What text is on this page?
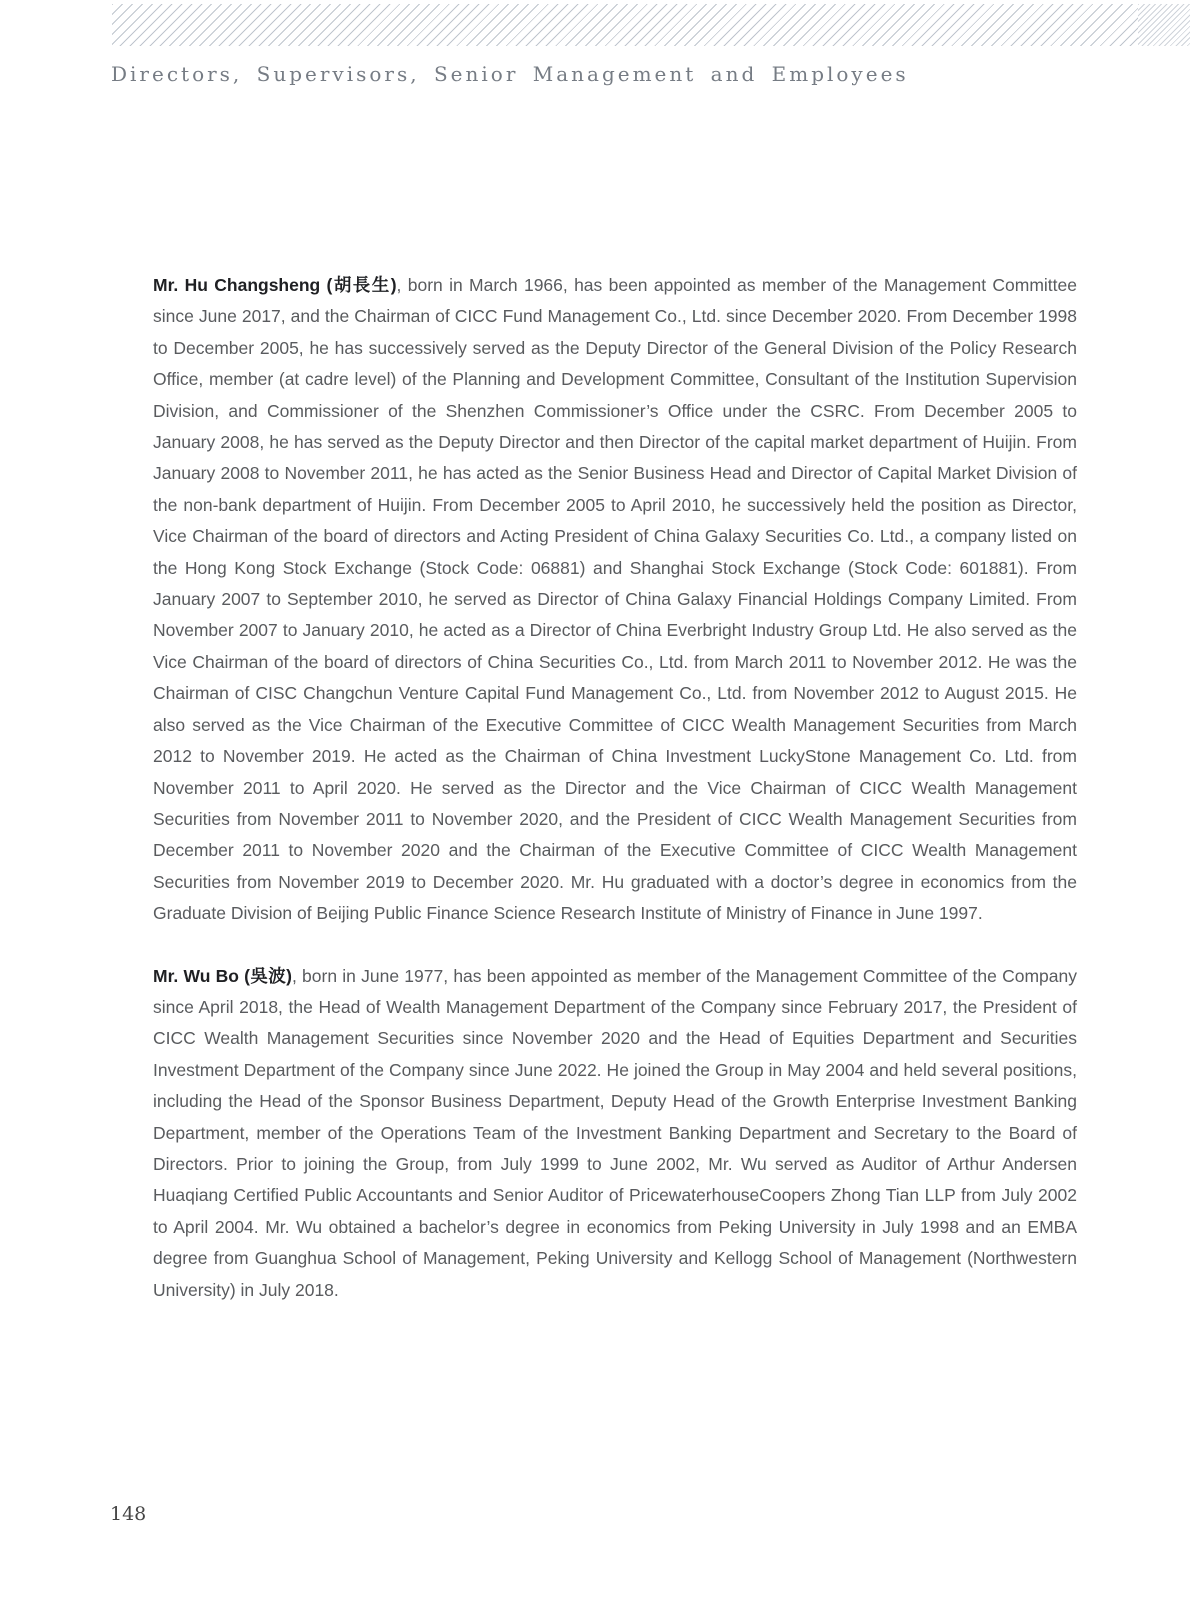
Directors, Supervisors, Senior Management and Employees

Mr. Hu Changsheng (胡長生), born in March 1966, has been appointed as member of the Management Committee since June 2017, and the Chairman of CICC Fund Management Co., Ltd. since December 2020. From December 1998 to December 2005, he has successively served as the Deputy Director of the General Division of the Policy Research Office, member (at cadre level) of the Planning and Development Committee, Consultant of the Institution Supervision Division, and Commissioner of the Shenzhen Commissioner’s Office under the CSRC. From December 2005 to January 2008, he has served as the Deputy Director and then Director of the capital market department of Huijin. From January 2008 to November 2011, he has acted as the Senior Business Head and Director of Capital Market Division of the non-bank department of Huijin. From December 2005 to April 2010, he successively held the position as Director, Vice Chairman of the board of directors and Acting President of China Galaxy Securities Co. Ltd., a company listed on the Hong Kong Stock Exchange (Stock Code: 06881) and Shanghai Stock Exchange (Stock Code: 601881). From January 2007 to September 2010, he served as Director of China Galaxy Financial Holdings Company Limited. From November 2007 to January 2010, he acted as a Director of China Everbright Industry Group Ltd. He also served as the Vice Chairman of the board of directors of China Securities Co., Ltd. from March 2011 to November 2012. He was the Chairman of CISC Changchun Venture Capital Fund Management Co., Ltd. from November 2012 to August 2015. He also served as the Vice Chairman of the Executive Committee of CICC Wealth Management Securities from March 2012 to November 2019. He acted as the Chairman of China Investment LuckyStone Management Co. Ltd. from November 2011 to April 2020. He served as the Director and the Vice Chairman of CICC Wealth Management Securities from November 2011 to November 2020, and the President of CICC Wealth Management Securities from December 2011 to November 2020 and the Chairman of the Executive Committee of CICC Wealth Management Securities from November 2019 to December 2020. Mr. Hu graduated with a doctor’s degree in economics from the Graduate Division of Beijing Public Finance Science Research Institute of Ministry of Finance in June 1997.

Mr. Wu Bo (吳波), born in June 1977, has been appointed as member of the Management Committee of the Company since April 2018, the Head of Wealth Management Department of the Company since February 2017, the President of CICC Wealth Management Securities since November 2020 and the Head of Equities Department and Securities Investment Department of the Company since June 2022. He joined the Group in May 2004 and held several positions, including the Head of the Sponsor Business Department, Deputy Head of the Growth Enterprise Investment Banking Department, member of the Operations Team of the Investment Banking Department and Secretary to the Board of Directors. Prior to joining the Group, from July 1999 to June 2002, Mr. Wu served as Auditor of Arthur Andersen Huaqiang Certified Public Accountants and Senior Auditor of PricewaterhouseCoopers Zhong Tian LLP from July 2002 to April 2004. Mr. Wu obtained a bachelor’s degree in economics from Peking University in July 1998 and an EMBA degree from Guanghua School of Management, Peking University and Kellogg School of Management (Northwestern University) in July 2018.

148
